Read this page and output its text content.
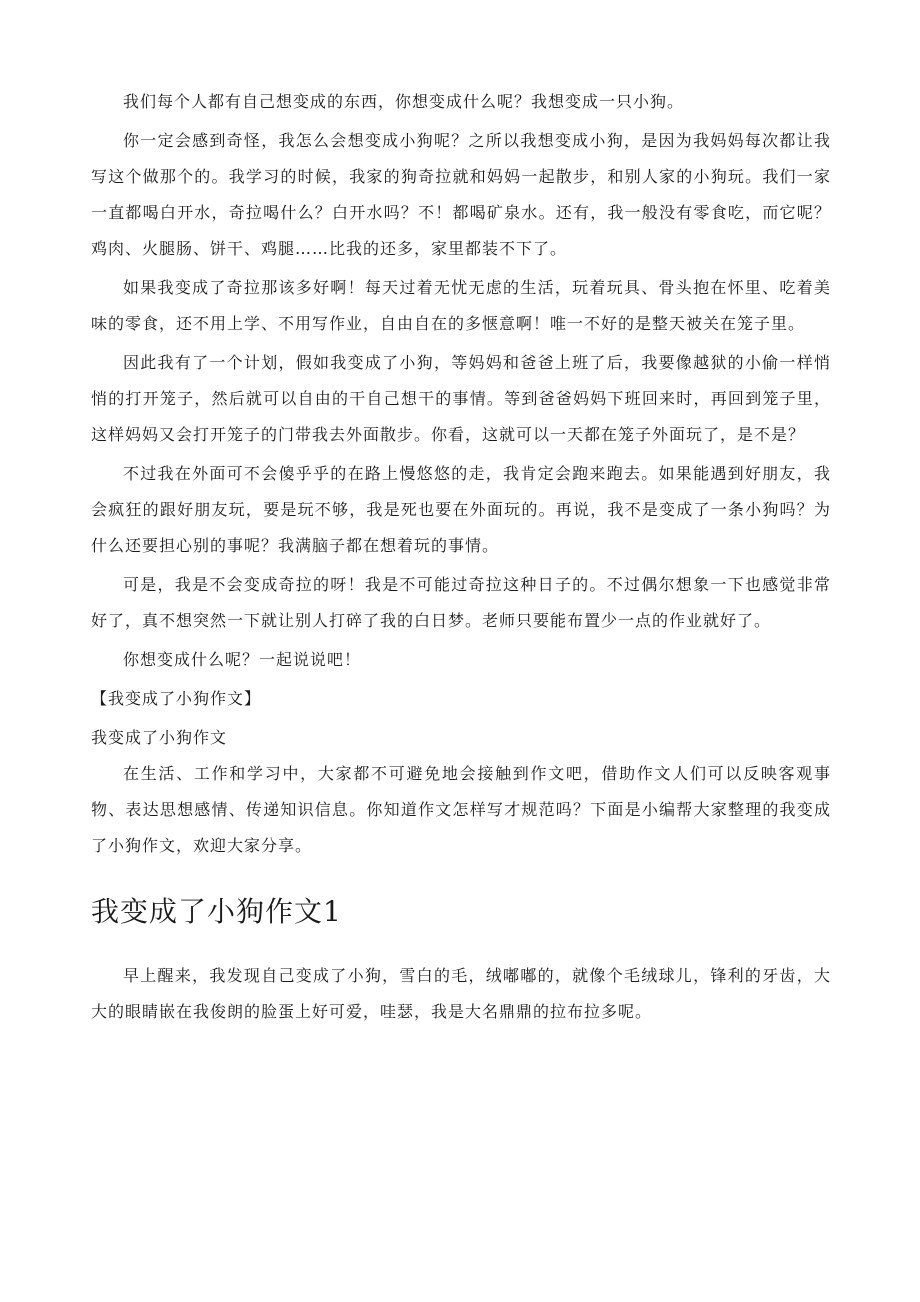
我们每个人都有自己想变成的东西，你想变成什么呢？我想变成一只小狗。

你一定会感到奇怪，我怎么会想变成小狗呢？之所以我想变成小狗，是因为我妈妈每次都让我写这个做那个的。我学习的时候，我家的狗奇拉就和妈妈一起散步，和别人家的小狗玩。我们一家一直都喝白开水，奇拉喝什么？白开水吗？不！都喝矿泉水。还有，我一般没有零食吃，而它呢？鸡肉、火腿肠、饼干、鸡腿……比我的还多，家里都装不下了。

如果我变成了奇拉那该多好啊！每天过着无忧无虑的生活，玩着玩具、骨头抱在怀里、吃着美味的零食，还不用上学、不用写作业，自由自在的多惬意啊！唯一不好的是整天被关在笼子里。

因此我有了一个计划，假如我变成了小狗，等妈妈和爸爸上班了后，我要像越狱的小偷一样悄悄的打开笼子，然后就可以自由的干自己想干的事情。等到爸爸妈妈下班回来时，再回到笼子里，这样妈妈又会打开笼子的门带我去外面散步。你看，这就可以一天都在笼子外面玩了，是不是？

不过我在外面可不会傻乎乎的在路上慢悠悠的走，我肯定会跑来跑去。如果能遇到好朋友，我会疯狂的跟好朋友玩，要是玩不够，我是死也要在外面玩的。再说，我不是变成了一条小狗吗？为什么还要担心别的事呢？我满脑子都在想着玩的事情。

可是，我是不会变成奇拉的呀！我是不可能过奇拉这种日子的。不过偶尔想象一下也感觉非常好了，真不想突然一下就让别人打碎了我的白日梦。老师只要能布置少一点的作业就好了。

你想变成什么呢？一起说说吧！

【我变成了小狗作文】

我变成了小狗作文

在生活、工作和学习中，大家都不可避免地会接触到作文吧，借助作文人们可以反映客观事物、表达思想感情、传递知识信息。你知道作文怎样写才规范吗？下面是小编帮大家整理的我变成了小狗作文，欢迎大家分享。

我变成了小狗作文1

早上醒来，我发现自己变成了小狗，雪白的毛，绒嘟嘟的，就像个毛绒球儿，锋利的牙齿，大大的眼睛嵌在我俊朗的脸蛋上好可爱，哇瑟，我是大名鼎鼎的拉布拉多呢。
